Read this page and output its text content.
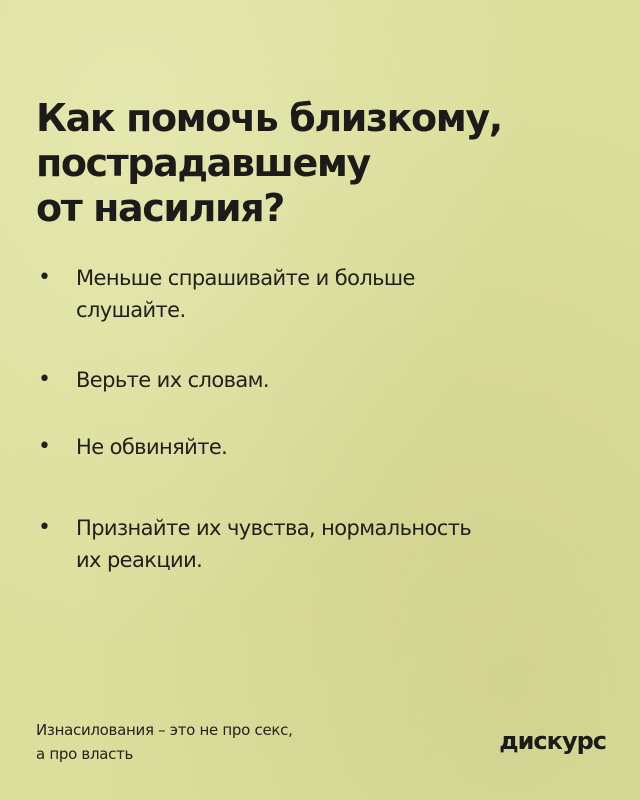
Как помочь близкому,
пострадавшему
от насилия?
•	Меньше спрашивайте и больше
слушайте.
•	Верьте их словам.
•	Не обвиняйте.
•	Признайте их чувства, нормальность
их реакции.
Изнасилования – это не про секс,
а про власть	дискурс
